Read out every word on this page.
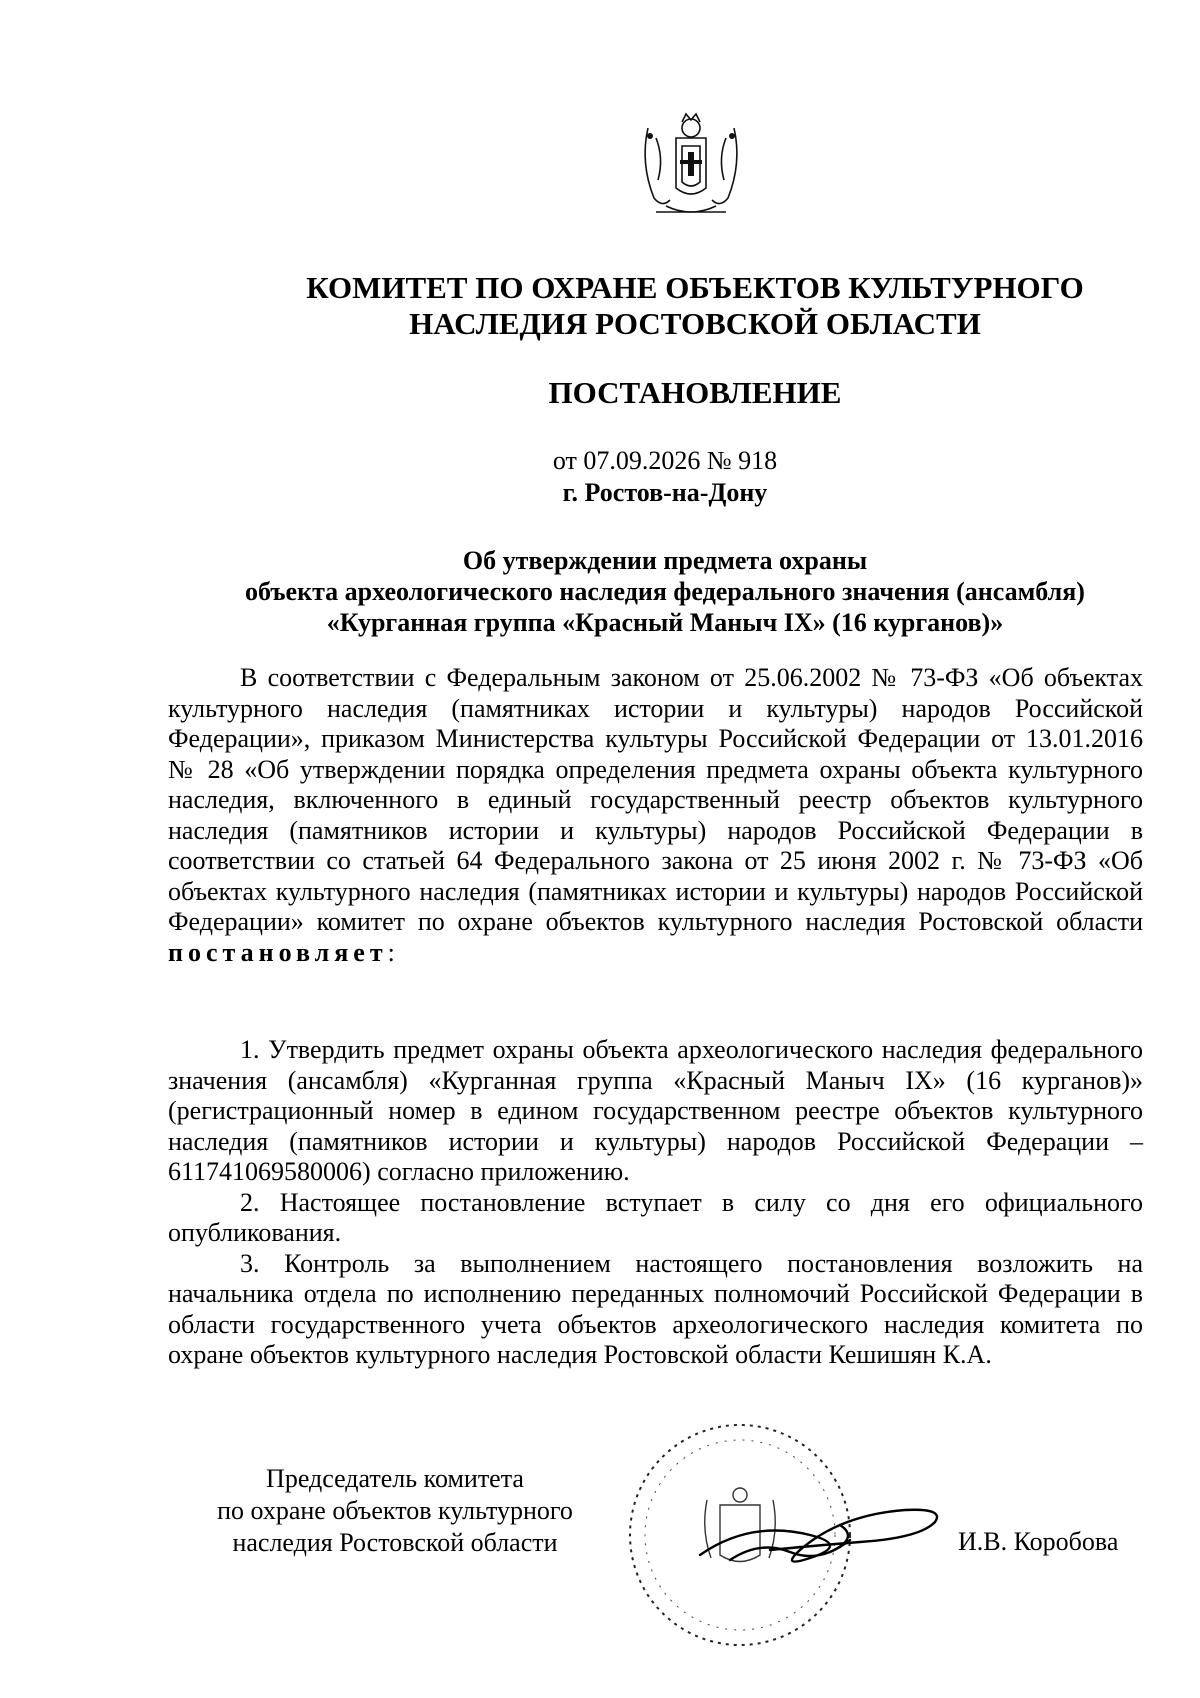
КОМИТЕТ ПО ОХРАНЕ ОБЪЕКТОВ КУЛЬТУРНОГО
НАСЛЕДИЯ РОСТОВСКОЙ ОБЛАСТИ
ПОСТАНОВЛЕНИЕ
от 07.09.2026 № 918
г. Ростов-на-Дону
Об утверждении предмета охраны
объекта археологического наследия федерального значения (ансамбля)
«Курганная группа «Красный Маныч IX» (16 курганов)»

В соответствии с Федеральным законом от 25.06.2002 № 73-ФЗ «Об объектах культурного наследия (памятниках истории и культуры) народов Российской Федерации», приказом Министерства культуры Российской Федерации от 13.01.2016 № 28 «Об утверждении порядка определения предмета охраны объекта культурного наследия, включенного в единый государственный реестр объектов культурного наследия (памятников истории и культуры) народов Российской Федерации в соответствии со статьей 64 Федерального закона от 25 июня 2002 г. № 73-ФЗ «Об объектах культурного наследия (памятниках истории и культуры) народов Российской Федерации» комитет по охране объектов культурного наследия Ростовской области постановляет:

1. Утвердить предмет охраны объекта археологического наследия федерального значения (ансамбля) «Курганная группа «Красный Маныч IX» (16 курганов)» (регистрационный номер в едином государственном реестре объектов культурного наследия (памятников истории и культуры) народов Российской Федерации – 611741069580006) согласно приложению.

2. Настоящее постановление вступает в силу со дня его официального опубликования.

3. Контроль за выполнением настоящего постановления возложить на начальника отдела по исполнению переданных полномочий Российской Федерации в области государственного учета объектов археологического наследия комитета по охране объектов культурного наследия Ростовской области Кешишян К.А.

Председатель комитета
по охране объектов культурного
наследия Ростовской области	И.В. Коробова
